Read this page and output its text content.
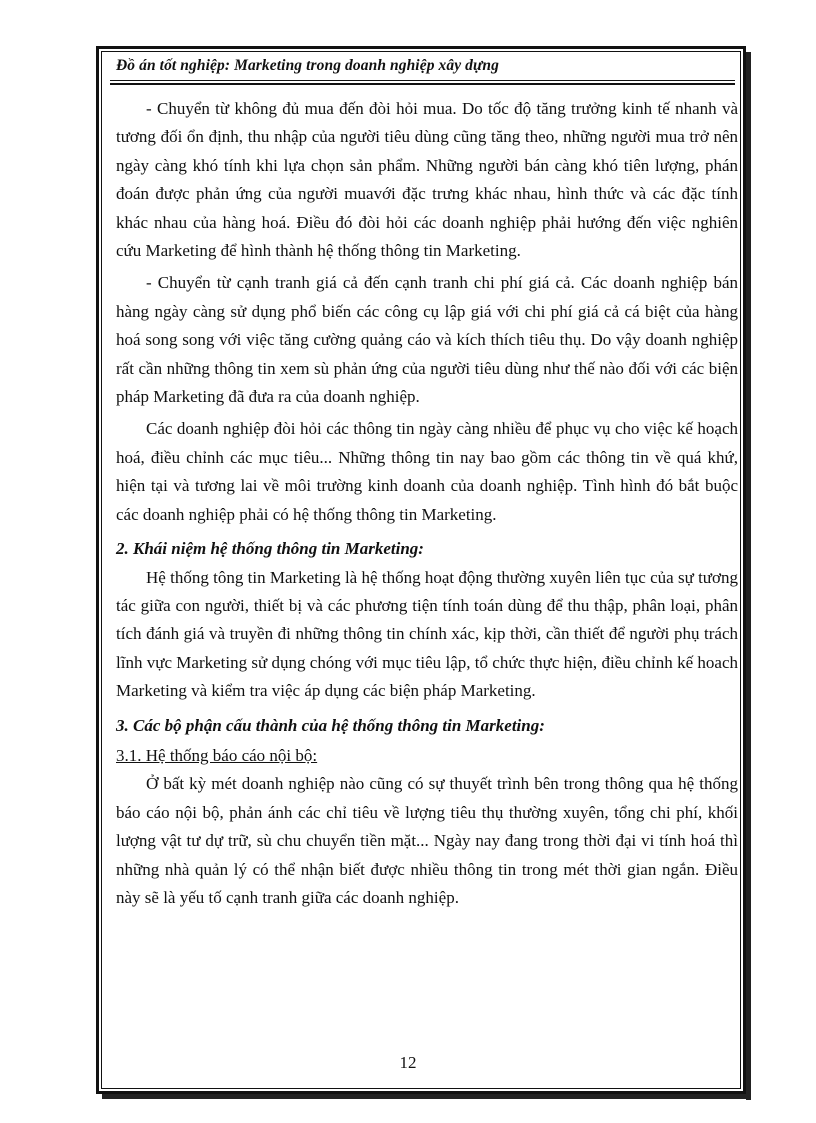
Đồ án tốt nghiệp: Marketing trong doanh nghiệp xây dựng

- Chuyển từ không đủ mua đến đòi hỏi mua. Do tốc độ tăng trưởng kinh tế nhanh và tương đối ổn định, thu nhập của người tiêu dùng cũng tăng theo, những người mua trở nên ngày càng khó tính khi lựa chọn sản phẩm. Những người bán càng khó tiên lượng, phán đoán được phản ứng của người muavới đặc trưng khác nhau, hình thức và các đặc tính khác nhau của hàng hoá. Điều đó đòi hỏi các doanh nghiệp phải hướng đến việc nghiên cứu Marketing để hình thành hệ thống thông tin Marketing.

- Chuyển từ cạnh tranh giá cả đến cạnh tranh chi phí giá cả. Các doanh nghiệp bán hàng ngày càng sử dụng phổ biến các công cụ lập giá với chi phí giá cả cá biệt của hàng hoá song song với việc tăng cường quảng cáo và kích thích tiêu thụ. Do vậy doanh nghiệp rất cần những thông tin xem sù phản ứng của người tiêu dùng như thế nào đối với các biện pháp Marketing đã đưa ra của doanh nghiệp.

Các doanh nghiệp đòi hỏi các thông tin ngày càng nhiều để phục vụ cho việc kế hoạch hoá, điều chỉnh các mục tiêu... Những thông tin nay bao gồm các thông tin về quá khứ, hiện tại và tương lai về môi trường kinh doanh của doanh nghiệp. Tình hình đó bắt buộc các doanh nghiệp phải có hệ thống thông tin Marketing.

2. Khái niệm hệ thống thông tin Marketing:

Hệ thống tông tin Marketing là hệ thống hoạt động thường xuyên liên tục của sự tương tác giữa con người, thiết bị và các phương tiện tính toán dùng để thu thập, phân loại, phân tích đánh giá và truyền đi những thông tin chính xác, kịp thời, cần thiết để người phụ trách lĩnh vực Marketing sử dụng chóng với mục tiêu lập, tổ chức thực hiện, điều chỉnh kế hoach Marketing và kiểm tra việc áp dụng các biện pháp Marketing.

3. Các bộ phận cấu thành của hệ thống thông tin Marketing:
3.1. Hệ thống báo cáo nội bộ:

Ở bất kỳ mét doanh nghiệp nào cũng có sự thuyết trình bên trong thông qua hệ thống báo cáo nội bộ, phản ánh các chỉ tiêu về lượng tiêu thụ thường xuyên, tổng chi phí, khối lượng vật tư dự trữ, sù chu chuyển tiền mặt... Ngày nay đang trong thời đại vi tính hoá thì những nhà quản lý có thể nhận biết được nhiều thông tin trong mét thời gian ngắn. Điều này sẽ là yếu tố cạnh tranh giữa các doanh nghiệp.

12
